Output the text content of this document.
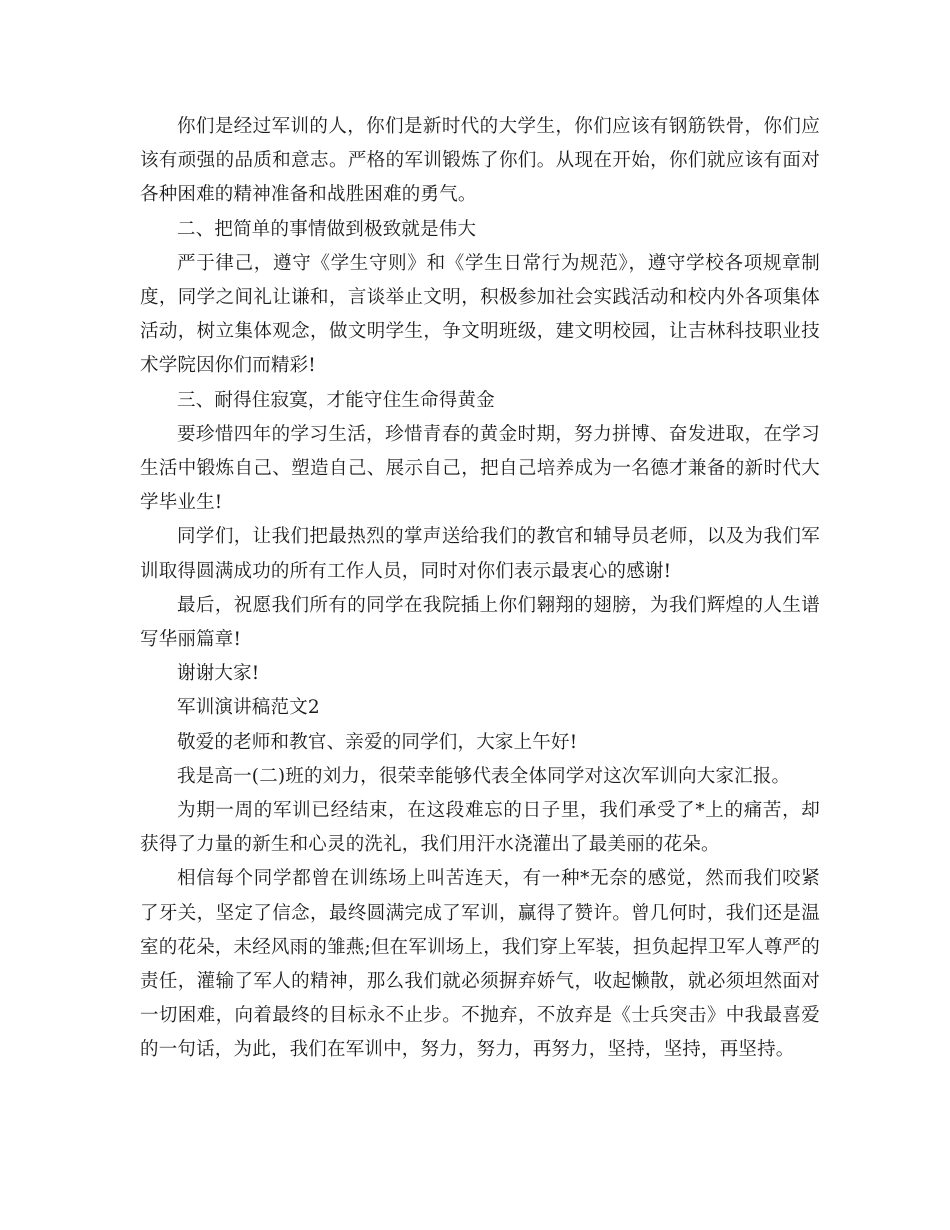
你们是经过军训的人，你们是新时代的大学生，你们应该有钢筋铁骨，你们应该有顽强的品质和意志。严格的军训锻炼了你们。从现在开始，你们就应该有面对各种困难的精神准备和战胜困难的勇气。

二、把简单的事情做到极致就是伟大

严于律己，遵守《学生守则》和《学生日常行为规范》，遵守学校各项规章制度，同学之间礼让谦和，言谈举止文明，积极参加社会实践活动和校内外各项集体活动，树立集体观念，做文明学生，争文明班级，建文明校园，让吉林科技职业技术学院因你们而精彩!

三、耐得住寂寞，才能守住生命得黄金

要珍惜四年的学习生活，珍惜青春的黄金时期，努力拼博、奋发进取，在学习生活中锻炼自己、塑造自己、展示自己，把自己培养成为一名德才兼备的新时代大学毕业生!

同学们，让我们把最热烈的掌声送给我们的教官和辅导员老师，以及为我们军训取得圆满成功的所有工作人员，同时对你们表示最衷心的感谢!

最后，祝愿我们所有的同学在我院插上你们翱翔的翅膀，为我们辉煌的人生谱写华丽篇章!

谢谢大家!

军训演讲稿范文2

敬爱的老师和教官、亲爱的同学们，大家上午好!

我是高一(二)班的刘力，很荣幸能够代表全体同学对这次军训向大家汇报。

为期一周的军训已经结束，在这段难忘的日子里，我们承受了*上的痛苦，却获得了力量的新生和心灵的洗礼，我们用汗水浇灌出了最美丽的花朵。

相信每个同学都曾在训练场上叫苦连天，有一种*无奈的感觉，然而我们咬紧了牙关，坚定了信念，最终圆满完成了军训，赢得了赞许。曾几何时，我们还是温室的花朵，未经风雨的雏燕;但在军训场上，我们穿上军装，担负起捍卫军人尊严的责任，灌输了军人的精神，那么我们就必须摒弃娇气，收起懒散，就必须坦然面对一切困难，向着最终的目标永不止步。不抛弃，不放弃是《士兵突击》中我最喜爱的一句话，为此，我们在军训中，努力，努力，再努力，坚持，坚持，再坚持。
